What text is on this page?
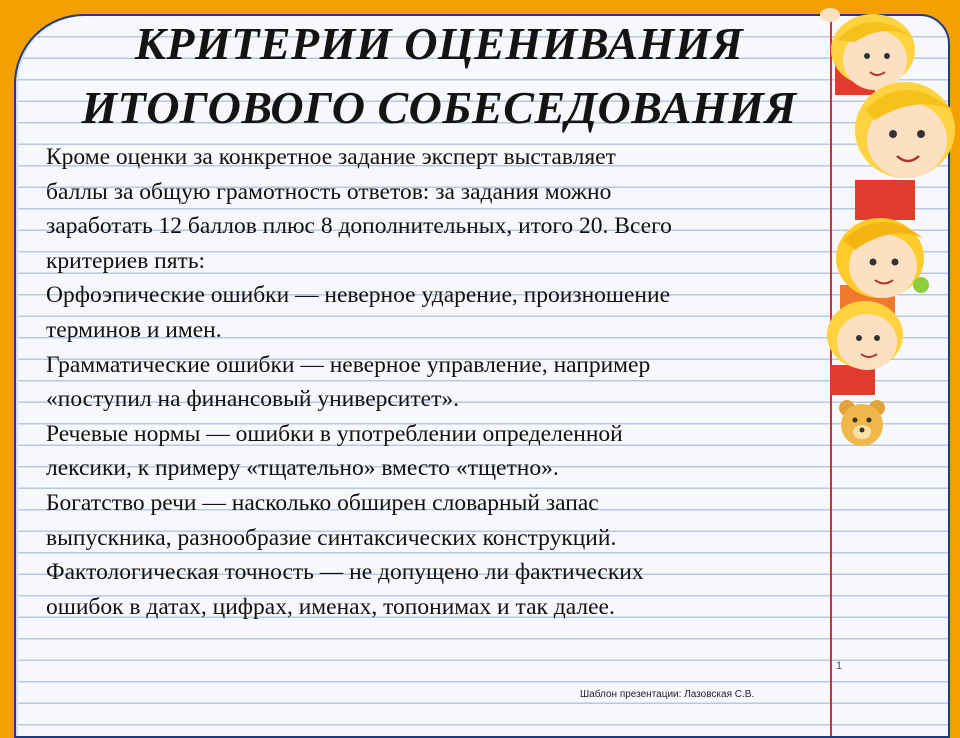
КРИТЕРИИ ОЦЕНИВАНИЯ
ИТОГОВОГО СОБЕСЕДОВАНИЯ

Кроме оценки за конкретное задание эксперт выставляет

баллы за общую грамотность ответов: за задания можно

заработать 12 баллов плюс 8 дополнительных, итого 20. Всего

критериев пять:

Орфоэпические ошибки — неверное ударение, произношение

терминов и имен.

Грамматические ошибки — неверное управление, например

«поступил на финансовый университет».

Речевые нормы — ошибки в употреблении определенной

лексики, к примеру «тщательно» вместо «тщетно».

Богатство речи — насколько обширен словарный запас

выпускника, разнообразие синтаксических конструкций.

Фактологическая точность — не допущено ли фактических

ошибок в датах, цифрах, именах, топонимах и так далее.

1
Шаблон презентации: Лазовская С.В.
